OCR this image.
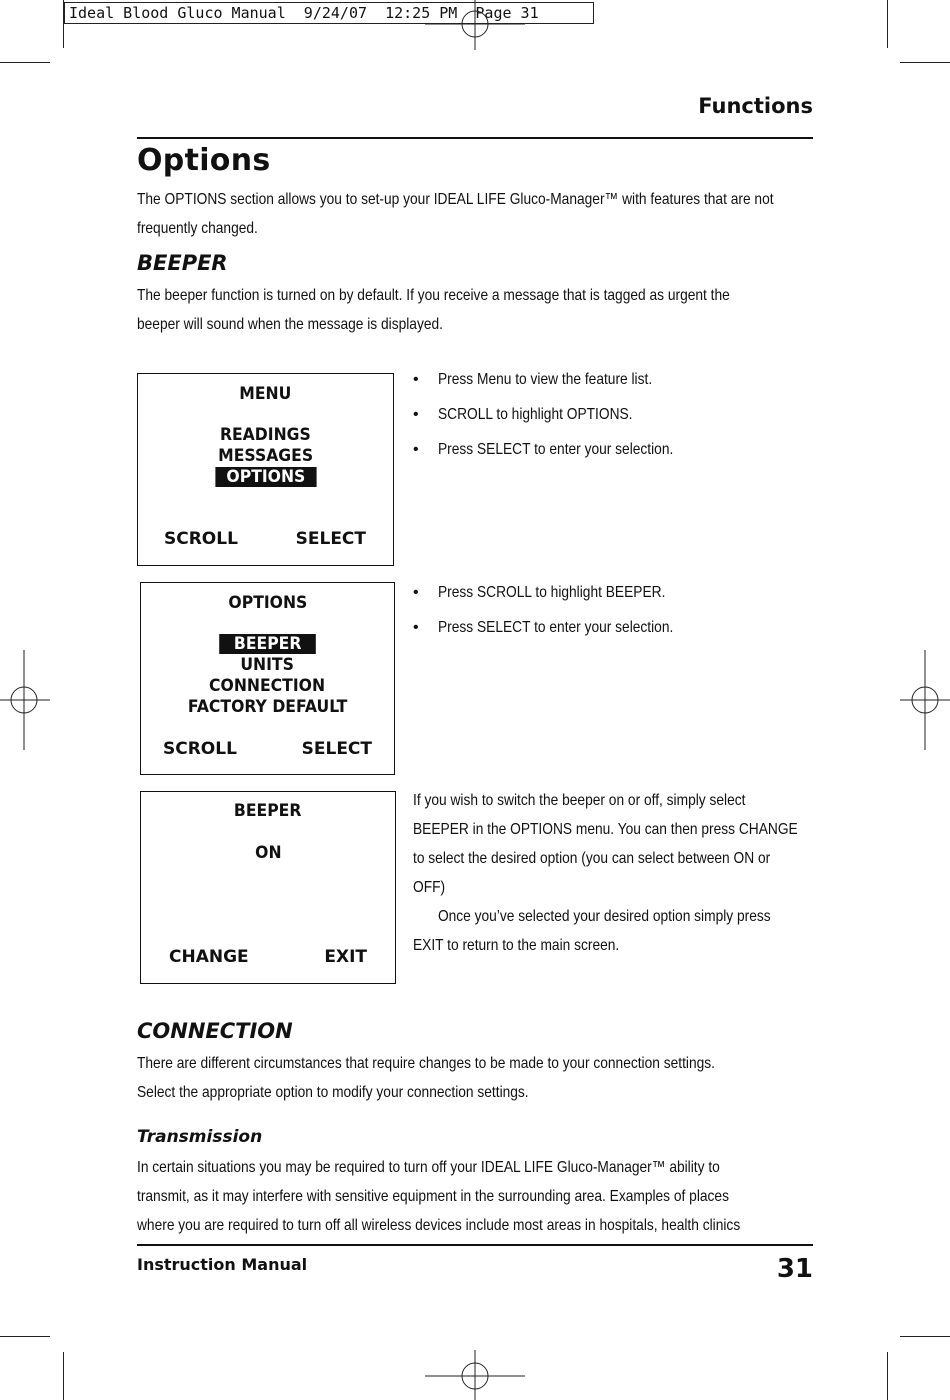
Ideal Blood Gluco Manual  9/24/07  12:25 PM  Page 31
Functions
Options
The OPTIONS section allows you to set-up your IDEAL LIFE Gluco-Manager™ with features that are not
frequently changed.
BEEPER
The beeper function is turned on by default. If you receive a message that is tagged as urgent the
beeper will sound when the message is displayed.
MENU
READINGS
MESSAGES
OPTIONS
SCROLL	SELECT
• Press Menu to view the feature list.
• SCROLL to highlight OPTIONS.
• Press SELECT to enter your selection.
OPTIONS
BEEPER
UNITS
CONNECTION
FACTORY DEFAULT
SCROLL	SELECT
• Press SCROLL to highlight BEEPER.
• Press SELECT to enter your selection.
BEEPER
ON
CHANGE	EXIT
If you wish to switch the beeper on or off, simply select
BEEPER in the OPTIONS menu. You can then press CHANGE
to select the desired option (you can select between ON or
OFF)
Once you’ve selected your desired option simply press
EXIT to return to the main screen.
CONNECTION
There are different circumstances that require changes to be made to your connection settings.
Select the appropriate option to modify your connection settings.
Transmission
In certain situations you may be required to turn off your IDEAL LIFE Gluco-Manager™ ability to
transmit, as it may interfere with sensitive equipment in the surrounding area. Examples of places
where you are required to turn off all wireless devices include most areas in hospitals, health clinics
Instruction Manual	31
